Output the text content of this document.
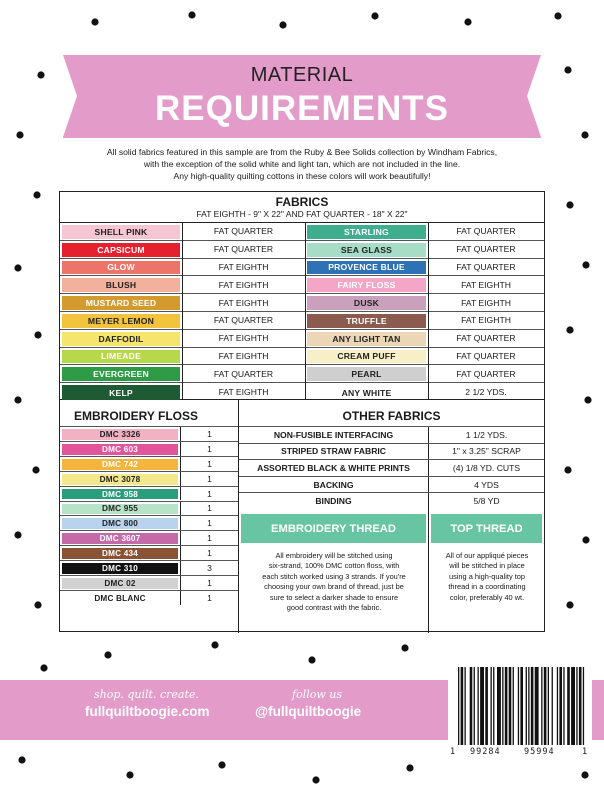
MATERIAL
REQUIREMENTS
All solid fabrics featured in this sample are from the Ruby & Bee Solids collection by Windham Fabrics,
with the exception of the solid white and light tan, which are not included in the line.
Any high-quality quilting cottons in these colors will work beautifully!
FABRICS
FAT EIGHTH - 9" X 22" AND FAT QUARTER - 18" X 22"
SHELL PINK	FAT QUARTER	STARLING	FAT QUARTER
CAPSICUM	FAT QUARTER	SEA GLASS	FAT QUARTER
GLOW	FAT EIGHTH	PROVENCE BLUE	FAT QUARTER
BLUSH	FAT EIGHTH	FAIRY FLOSS	FAT EIGHTH
MUSTARD SEED	FAT EIGHTH	DUSK	FAT EIGHTH
MEYER LEMON	FAT QUARTER	TRUFFLE	FAT EIGHTH
DAFFODIL	FAT EIGHTH	ANY LIGHT TAN	FAT QUARTER
LIMEADE	FAT EIGHTH	CREAM PUFF	FAT QUARTER
EVERGREEN	FAT QUARTER	PEARL	FAT QUARTER
KELP	FAT EIGHTH	ANY WHITE	2 1/2 YDS.
EMBROIDERY FLOSS
DMC 3326	1
DMC 603	1
DMC 742	1
DMC 3078	1
DMC 958	1
DMC 955	1
DMC 800	1
DMC 3607	1
DMC 434	1
DMC 310	3
DMC 02	1
DMC BLANC	1
OTHER FABRICS
NON-FUSIBLE INTERFACING	1 1/2 YDS.
STRIPED STRAW FABRIC	1" x 3.25" SCRAP
ASSORTED BLACK & WHITE PRINTS	(4) 1/8 YD. CUTS
BACKING	4 YDS
BINDING	5/8 YD
EMBROIDERY THREAD	TOP THREAD
All embroidery will be stitched using
six-strand, 100% DMC cotton floss, with
each stitch worked using 3 strands. If you're
choosing your own brand of thread, just be
sure to select a darker shade to ensure
good contrast with the fabric.
All of our appliqué pieces
will be stitched in place
using a high-quality top
thread in a coordinating
color, preferably 40 wt.
shop. quilt. create.
fullquiltboogie.com
follow us
@fullquiltboogie
1 99284	95994	1
